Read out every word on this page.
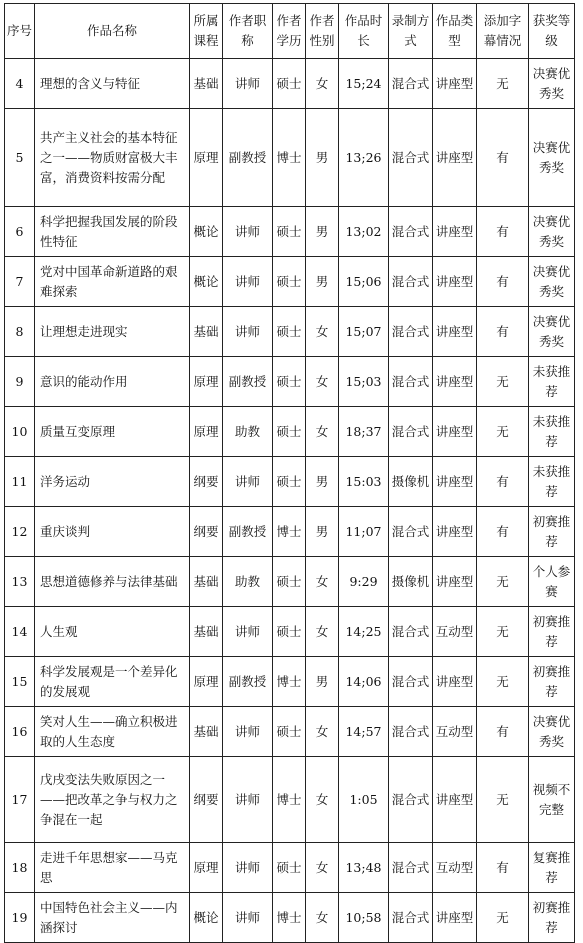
序号	作品名称	所属课程	作者职称	作者学历	作者性别	作品时长	录制方式	作品类型	添加字幕情况	获奖等级
4	理想的含义与特征	基础	讲师	硕士	女	15;24	混合式	讲座型	无	决赛优秀奖
5	共产主义社会的基本特征之一——物质财富极大丰富，消费资料按需分配	原理	副教授	博士	男	13;26	混合式	讲座型	有	决赛优秀奖
6	科学把握我国发展的阶段性特征	概论	讲师	硕士	男	13;02	混合式	讲座型	有	决赛优秀奖
7	党对中国革命新道路的艰难探索	概论	讲师	硕士	男	15;06	混合式	讲座型	有	决赛优秀奖
8	让理想走进现实	基础	讲师	硕士	女	15;07	混合式	讲座型	有	决赛优秀奖
9	意识的能动作用	原理	副教授	硕士	女	15;03	混合式	讲座型	无	未获推荐
10	质量互变原理	原理	助教	硕士	女	18;37	混合式	讲座型	无	未获推荐
11	洋务运动	纲要	讲师	硕士	男	15:03	摄像机	讲座型	有	未获推荐
12	重庆谈判	纲要	副教授	博士	男	11;07	混合式	讲座型	有	初赛推荐
13	思想道德修养与法律基础	基础	助教	硕士	女	9:29	摄像机	讲座型	无	个人参赛
14	人生观	基础	讲师	硕士	女	14;25	混合式	互动型	无	初赛推荐
15	科学发展观是一个差异化的发展观	原理	副教授	博士	男	14;06	混合式	讲座型	无	初赛推荐
16	笑对人生——确立积极进取的人生态度	基础	讲师	硕士	女	14;57	混合式	互动型	有	决赛优秀奖
17	戊戌变法失败原因之一——把改革之争与权力之争混在一起	纲要	讲师	博士	女	1:05	混合式	讲座型	无	视频不完整
18	走进千年思想家——马克思	原理	讲师	硕士	女	13;48	混合式	互动型	有	复赛推荐
19	中国特色社会主义——内涵探讨	概论	讲师	博士	女	10;58	混合式	讲座型	无	初赛推荐
